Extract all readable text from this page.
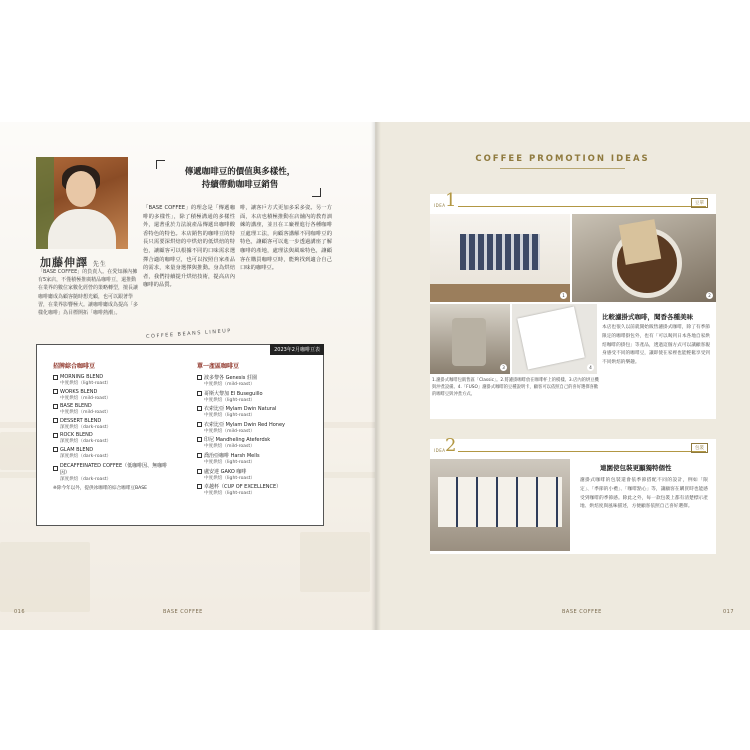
加藤伸譯 先生
「BASE COFFEE」的負責人。在愛知縣內擁有5家店，不僅積極推廣精品咖啡豆，還推動在業界的數位家數化經營的策略轉型，擅長讓咖啡廳成為顧客隨時想光顧，也可以跟著學習，在業界影響極大。讓咖啡廳成為提高「多樣化咖啡」為目標開拓「咖啡熱潮」。
傳遞咖啡豆的價值與多樣性，
持續帶動咖啡豆銷售
「BASE COFFEE」的理念是「傳遞咖啡的多樣性」，除了積極溝通的多樣性外，還著重於力法說產品傳遞出咖啡酸香特色的特色。本店銷售的咖啡豆的特長只需要深烘焙的中烘焙的低烘焙的特色，讓顧客可以根據不同的口味需求選擇合適的咖啡豆，也可以按照自家產品的需求，來量身選擇與推動。身為烘焙者，我們持續提升烘焙技術，提高店內咖啡的品質。
啡，讓客戶方式更加多采多姿。另一方面，本店也積極推動在店舖內的教育訓練的講座，並且在工廠裡進行各種咖啡豆處理工法，向顧客講解不同咖啡豆的特色，讓顧客可以進一步透過講座了解咖啡的產地，處理法與風味特色，讓顧客在購買咖啡豆時，能夠找到適合自己口味的咖啡豆。
COFFEE BEANS LINEUP
2023年2月咖啡豆表
招牌綜合咖啡豆
MORNING BLEND
中度烘焙（light-roast）
WORKS BLEND
中度烘焙（mild-roast）
BASE BLEND
中度烘焙（mild-roast）
DESSERT BLEND
深度烘焙（dark-roast）
ROCK BLEND
深度烘焙（dark-roast）
GLAM BLEND
深度烘焙（dark-roast）
DECAFFEINATED COFFEE（低咖啡因、無咖啡因）
深度烘焙（dark-roast）
※除今年以外，提供冰咖啡的綜合咖啡豆BASE
單一產區咖啡豆
波多黎各 Genesis 莊園
中度烘焙（mild-roast）
哥斯大黎加 El Buseguillo
中度烘焙（light-roast）
衣索比亞 Mylam Dwin Natural
中度烘焙（light-roast）
衣索比亞 Mylam Dwin Red Honey
中度烘焙（mild-roast）
印尼 Mandheling Ateferdsk
中度烘焙（mild-roast）
喬治亞咖啡 Harsh Mells
中度烘焙（light-roast）
盧安達 GAKO 咖啡
中度烘焙（light-roast）
卓越杯（CUP OF EXCELLENCE）
中度烘焙（light-roast）
016	BASE COFFEE
COFFEE PROMOTION IDEAS
IDEA 1	豆單
1	2
3	4
比較濾掛式咖啡，聞香各種美味
本店也很久以前就開始販售濾掛式咖啡，除了有季節限定的咖啡掛包外，也有「可以喝到日本各地自家烘焙咖啡的掛包」等產品，透過這個方式可以讓顧客親身感受不同的咖啡豆，讓即使在家裡也能輕鬆享受到不同烘焙的樂趣。
1.濾掛式咖啡包販售區「Classic」。2.將濾掛咖啡放在咖啡杯上的模樣。3.店內的烘豆機與沖煮設備。4.「FUSO」濾掛式咖啡的豆種說明卡，顧客可以依照自己的喜好選擇喜歡的咖啡豆與沖煮方式。
IDEA 2	包裝
連園使包裝更顯獨特個性
濾掛式咖啡的包裝還會依季節搭配不同的設計，例如「限定」、「季節的小禮」、「咖啡點心」等，讓顧客在購買時也能感受到咖啡的季節感。除此之外，每一款包裝上都有清楚標示產地、烘焙度與風味描述，方便顧客依照自己喜好選擇。
BASE COFFEE	017
